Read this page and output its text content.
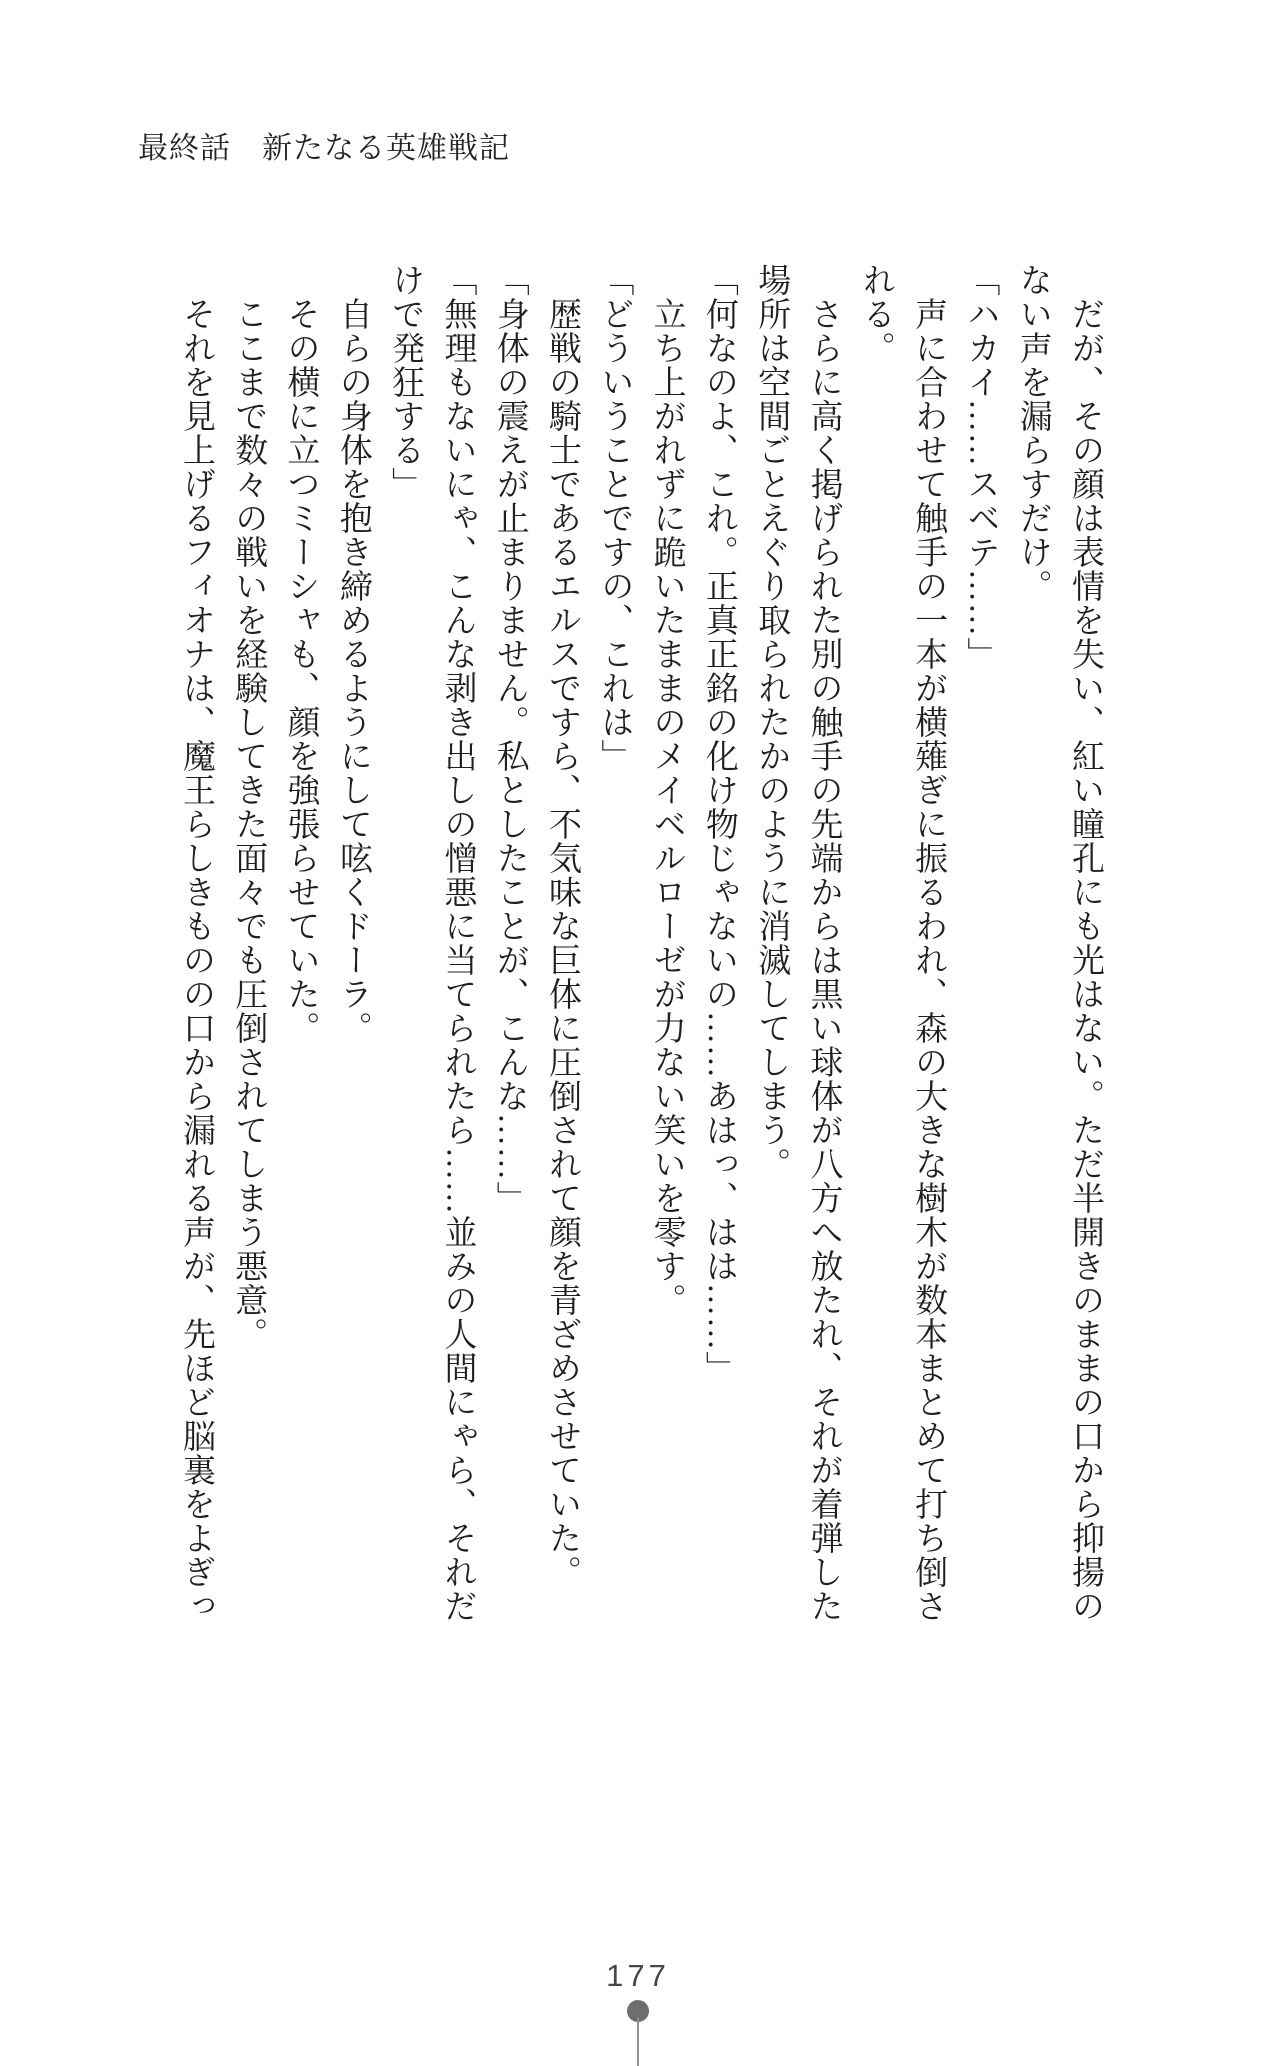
最終話　新たなる英雄戦記

だが、その顔は表情を失い、紅い瞳孔にも光はない。ただ半開きのままの口から抑揚の

ない声を漏らすだけ。

「ハカイ……スベテ……」

声に合わせて触手の一本が横薙ぎに振るわれ、森の大きな樹木が数本まとめて打ち倒さ

れる。

さらに高く掲げられた別の触手の先端からは黒い球体が八方へ放たれ、それが着弾した

場所は空間ごとえぐり取られたかのように消滅してしまう。

「何なのよ、これ。正真正銘の化け物じゃないの……あはっ、はは……」

立ち上がれずに跪いたままのメイベルローゼが力ない笑いを零す。

「どういうことですの、これは」

歴戦の騎士であるエルスですら、不気味な巨体に圧倒されて顔を青ざめさせていた。

「身体の震えが止まりません。私としたことが、こんな……」

「無理もないにゃ、こんな剥き出しの憎悪に当てられたら……並みの人間にゃら、それだ

けで発狂する」

自らの身体を抱き締めるようにして呟くドーラ。

その横に立つミーシャも、顔を強張らせていた。

ここまで数々の戦いを経験してきた面々でも圧倒されてしまう悪意。

それを見上げるフィオナは、魔王らしきものの口から漏れる声が、先ほど脳裏をよぎっ

177
